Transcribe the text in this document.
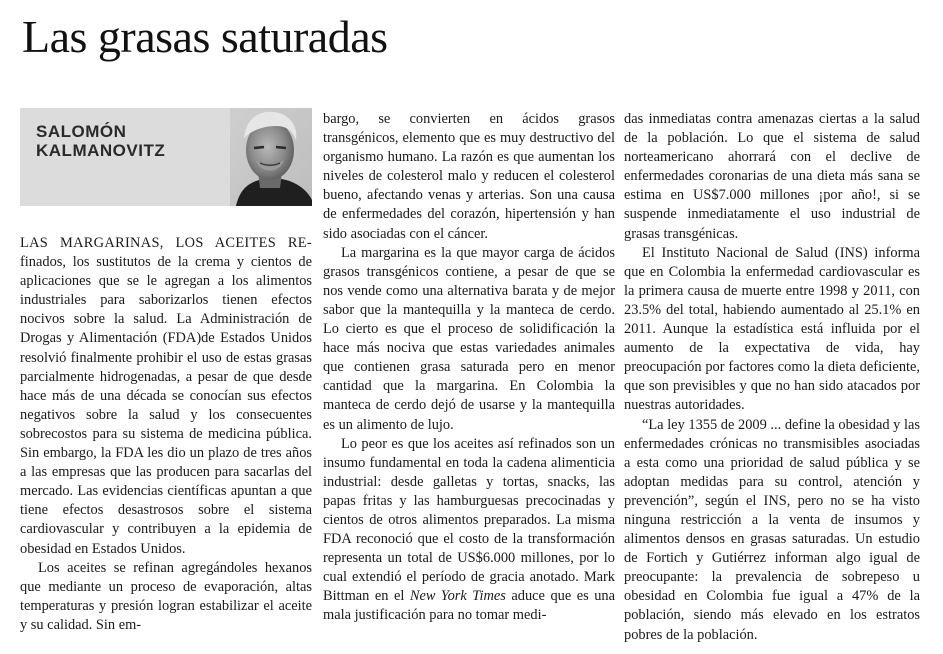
Las grasas saturadas
SALOMÓN
KALMANOVITZ

LAS MARGARINAS, LOS ACEITES RE- finados, los sustitutos de la crema y cientos de aplicaciones que se le agregan a los alimentos industriales para saborizarlos tienen efectos nocivos sobre la salud. La Administración de Drogas y Alimentación (FDA)de Estados Unidos resolvió finalmente prohibir el uso de estas grasas parcialmente hidrogenadas, a pesar de que desde hace más de una década se conocían sus efectos negativos sobre la salud y los consecuentes sobrecostos para su sistema de medicina pública. Sin embargo, la FDA les dio un plazo de tres años a las empresas que las producen para sacarlas del mercado. Las evidencias científicas apuntan a que tiene efectos desastrosos sobre el sistema cardiovascular y contribuyen a la epidemia de obesidad en Estados Unidos.

Los aceites se refinan agregándoles hexanos que mediante un proceso de evaporación, altas temperaturas y presión logran estabilizar el aceite y su calidad. Sin em-

bargo, se convierten en ácidos grasos transgénicos, elemento que es muy destructivo del organismo humano. La razón es que aumentan los niveles de colesterol malo y reducen el colesterol bueno, afectando venas y arterias. Son una causa de enfermedades del corazón, hipertensión y han sido asociadas con el cáncer.

La margarina es la que mayor carga de ácidos grasos transgénicos contiene, a pesar de que se nos vende como una alternativa barata y de mejor sabor que la mantequilla y la manteca de cerdo. Lo cierto es que el proceso de solidificación la hace más nociva que estas variedades animales que contienen grasa saturada pero en menor cantidad que la margarina. En Colombia la manteca de cerdo dejó de usarse y la mantequilla es un alimento de lujo.

Lo peor es que los aceites así refinados son un insumo fundamental en toda la cadena alimenticia industrial: desde galletas y tortas, snacks, las papas fritas y las hamburguesas precocinadas y cientos de otros alimentos preparados. La misma FDA reconoció que el costo de la transformación representa un total de US$6.000 millones, por lo cual extendió el período de gracia anotado. Mark Bittman en el New York Times aduce que es una mala justificación para no tomar medi-

das inmediatas contra amenazas ciertas a la salud de la población. Lo que el sistema de salud norteamericano ahorrará con el declive de enfermedades coronarias de una dieta más sana se estima en US$7.000 millones ¡por año!, si se suspende inmediatamente el uso industrial de grasas transgénicas.

El Instituto Nacional de Salud (INS) informa que en Colombia la enfermedad cardiovascular es la primera causa de muerte entre 1998 y 2011, con 23.5% del total, habiendo aumentado al 25.1% en 2011. Aunque la estadística está influida por el aumento de la expectativa de vida, hay preocupación por factores como la dieta deficiente, que son previsibles y que no han sido atacados por nuestras autoridades.

“La ley 1355 de 2009 ... define la obesidad y las enfermedades crónicas no transmisibles asociadas a esta como una prioridad de salud pública y se adoptan medidas para su control, atención y prevención”, según el INS, pero no se ha visto ninguna restricción a la venta de insumos y alimentos densos en grasas saturadas. Un estudio de Fortich y Gutiérrez informan algo igual de preocupante: la prevalencia de sobrepeso u obesidad en Colombia fue igual a 47% de la población, siendo más elevado en los estratos pobres de la población.
